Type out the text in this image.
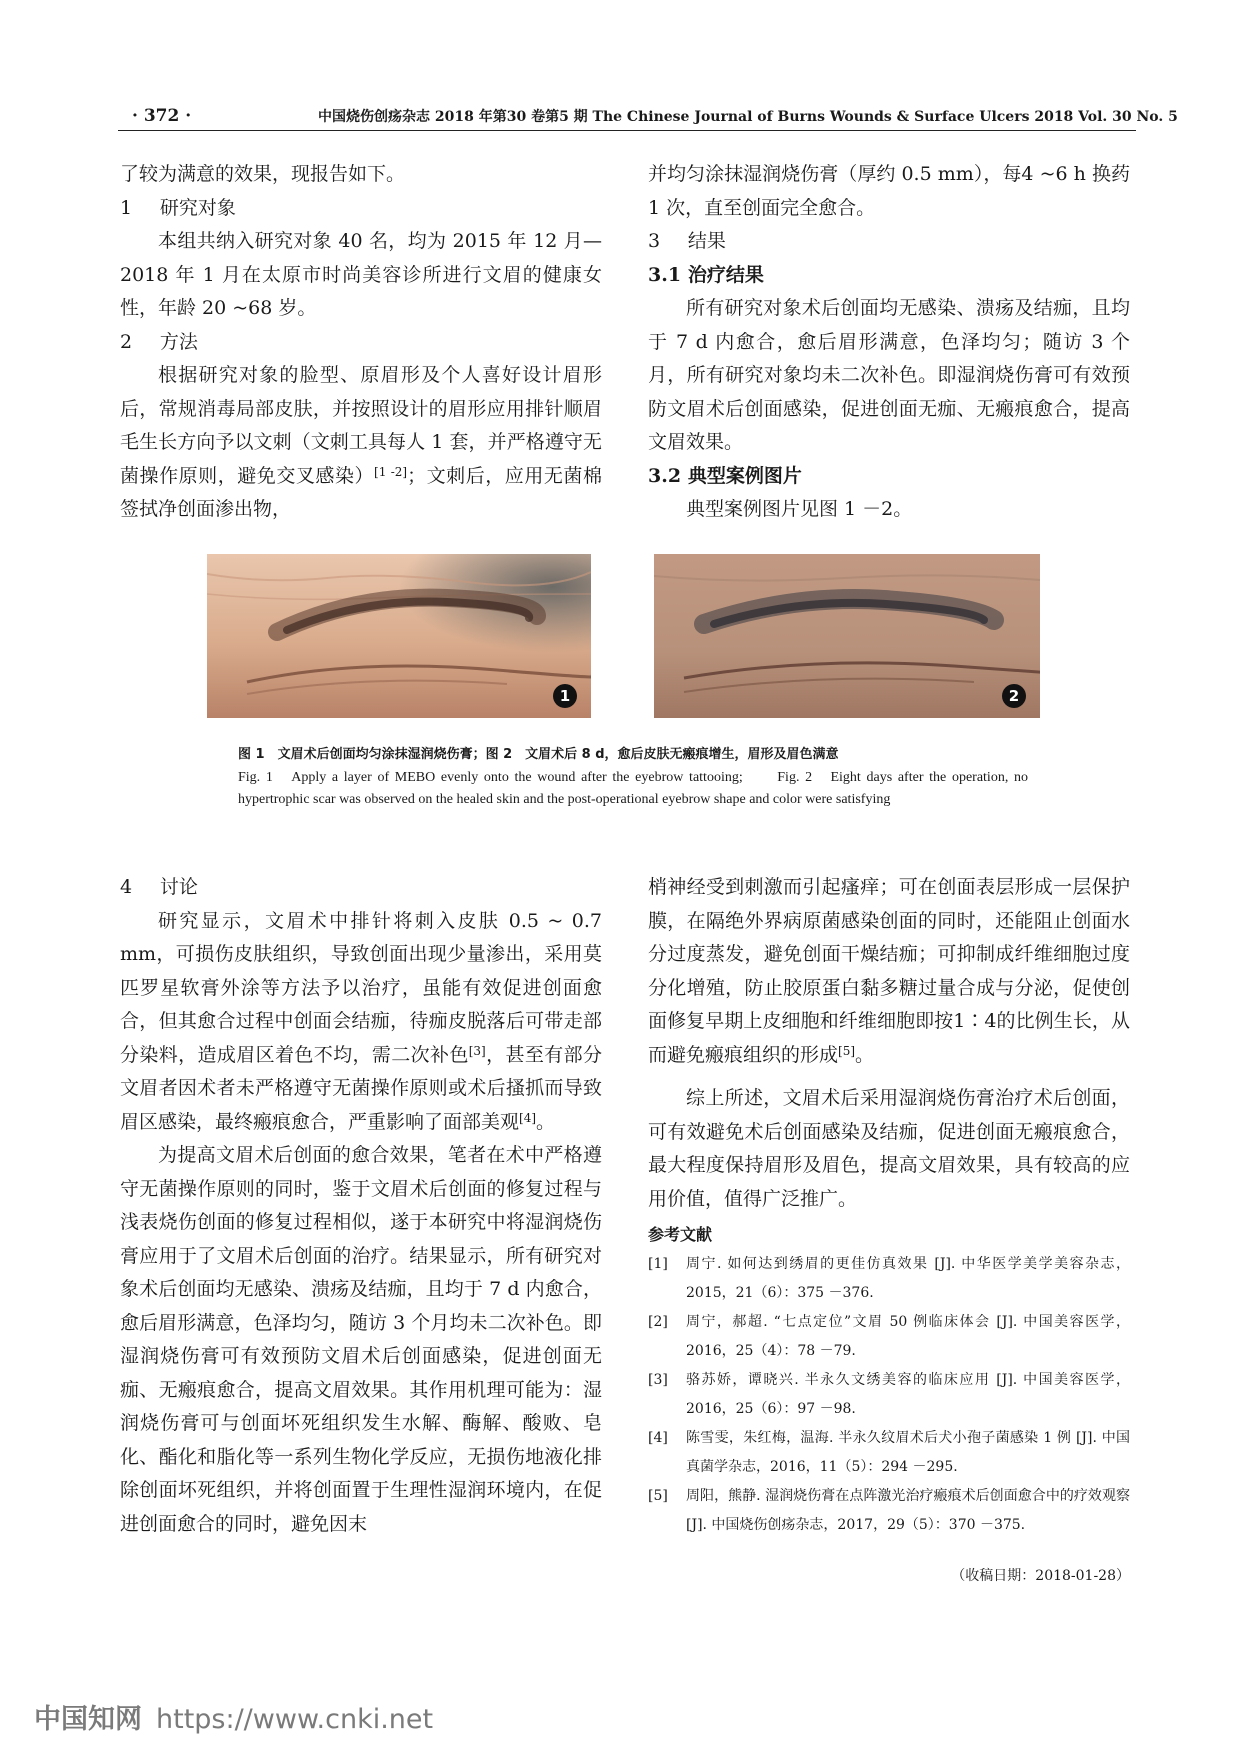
· 372 ·	中国烧伤创疡杂志 2018 年第30 卷第5 期 The Chinese Journal of Burns Wounds & Surface Ulcers 2018 Vol. 30 No. 5

了较为满意的效果，现报告如下。

1 研究对象

本组共纳入研究对象 40 名，均为 2015 年 12 月—2018 年 1 月在太原市时尚美容诊所进行文眉的健康女性，年龄 20 ~68 岁。

2 方法

根据研究对象的脸型、原眉形及个人喜好设计眉形后，常规消毒局部皮肤，并按照设计的眉形应用排针顺眉毛生长方向予以文刺（文刺工具每人 1 套，并严格遵守无菌操作原则，避免交叉感染）[1 -2]；文刺后，应用无菌棉签拭净创面渗出物，

并均匀涂抹湿润烧伤膏（厚约 0.5 mm），每4 ~6 h 换药 1 次，直至创面完全愈合。

3 结果

3.1 治疗结果

所有研究对象术后创面均无感染、溃疡及结痂，且均于 7 d 内愈合，愈后眉形满意，色泽均匀；随访 3 个月，所有研究对象均未二次补色。即湿润烧伤膏可有效预防文眉术后创面感染，促进创面无痂、无瘢痕愈合，提高文眉效果。

3.2 典型案例图片

典型案例图片见图 1 －2。

1	2
图 1　文眉术后创面均匀涂抹湿润烧伤膏；图 2　文眉术后 8 d，愈后皮肤无瘢痕增生，眉形及眉色满意
Fig. 1　Apply a layer of MEBO evenly onto the wound after the eyebrow tattooing;　　Fig. 2　Eight days after the operation, no hypertrophic scar was observed on the healed skin and the post-operational eyebrow shape and color were satisfying

4 讨论

研究显示，文眉术中排针将刺入皮肤 0.5 ~ 0.7 mm，可损伤皮肤组织，导致创面出现少量渗出，采用莫匹罗星软膏外涂等方法予以治疗，虽能有效促进创面愈合，但其愈合过程中创面会结痂，待痂皮脱落后可带走部分染料，造成眉区着色不均，需二次补色[3]，甚至有部分文眉者因术者未严格遵守无菌操作原则或术后搔抓而导致眉区感染，最终瘢痕愈合，严重影响了面部美观[4]。

为提高文眉术后创面的愈合效果，笔者在术中严格遵守无菌操作原则的同时，鉴于文眉术后创面的修复过程与浅表烧伤创面的修复过程相似，遂于本研究中将湿润烧伤膏应用于了文眉术后创面的治疗。结果显示，所有研究对象术后创面均无感染、溃疡及结痂，且均于 7 d 内愈合，愈后眉形满意，色泽均匀，随访 3 个月均未二次补色。即湿润烧伤膏可有效预防文眉术后创面感染，促进创面无痂、无瘢痕愈合，提高文眉效果。其作用机理可能为：湿润烧伤膏可与创面坏死组织发生水解、酶解、酸败、皂化、酯化和脂化等一系列生物化学反应，无损伤地液化排除创面坏死组织，并将创面置于生理性湿润环境内，在促进创面愈合的同时，避免因末

梢神经受到刺激而引起瘙痒；可在创面表层形成一层保护膜，在隔绝外界病原菌感染创面的同时，还能阻止创面水分过度蒸发，避免创面干燥结痂；可抑制成纤维细胞过度分化增殖，防止胶原蛋白黏多糖过量合成与分泌，促使创面修复早期上皮细胞和纤维细胞即按1∶4的比例生长，从而避免瘢痕组织的形成[5]。

综上所述，文眉术后采用湿润烧伤膏治疗术后创面，可有效避免术后创面感染及结痂，促进创面无瘢痕愈合，最大程度保持眉形及眉色，提高文眉效果，具有较高的应用价值，值得广泛推广。

参考文献
[1]	周宁. 如何达到绣眉的更佳仿真效果 [J]. 中华医学美学美容杂志，2015，21（6）：375 －376.
[2]	周宁，郝超. “七点定位”文眉 50 例临床体会 [J]. 中国美容医学，2016，25（4）：78 －79.
[3]	骆苏娇，谭晓兴. 半永久文绣美容的临床应用 [J]. 中国美容医学，2016，25（6）：97 －98.
[4]	陈雪雯，朱红梅，温海. 半永久纹眉术后犬小孢子菌感染 1 例 [J]. 中国真菌学杂志，2016，11（5）：294 －295.
[5]	周阳，熊静. 湿润烧伤膏在点阵激光治疗瘢痕术后创面愈合中的疗效观察 [J]. 中国烧伤创疡杂志，2017，29（5）：370 －375.
（收稿日期：2018-01-28）
中国知网 https://www.cnki.net
